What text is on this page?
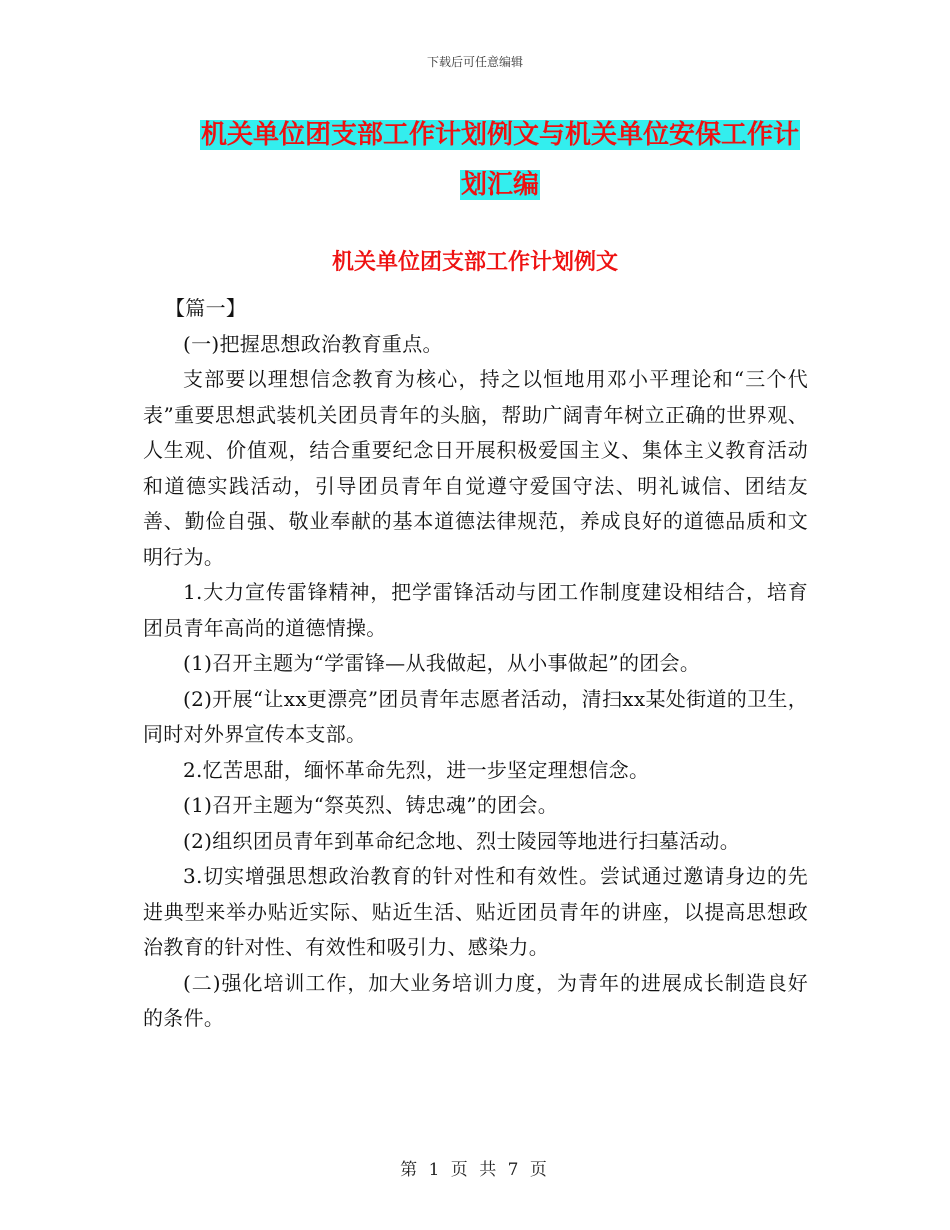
下载后可任意编辑
机关单位团支部工作计划例文与机关单位安保工作计
划汇编
机关单位团支部工作计划例文

【篇一】

(一)把握思想政治教育重点。

支部要以理想信念教育为核心，持之以恒地用邓小平理论和“三个代表”重要思想武装机关团员青年的头脑，帮助广阔青年树立正确的世界观、人生观、价值观，结合重要纪念日开展积极爱国主义、集体主义教育活动和道德实践活动，引导团员青年自觉遵守爱国守法、明礼诚信、团结友善、勤俭自强、敬业奉献的基本道德法律规范，养成良好的道德品质和文明行为。

1.大力宣传雷锋精神，把学雷锋活动与团工作制度建设相结合，培育团员青年高尚的道德情操。

(1)召开主题为“学雷锋—从我做起，从小事做起”的团会。

(2)开展“让xx更漂亮”团员青年志愿者活动，清扫xx某处街道的卫生，同时对外界宣传本支部。

2.忆苦思甜，缅怀革命先烈，进一步坚定理想信念。

(1)召开主题为“祭英烈、铸忠魂”的团会。

(2)组织团员青年到革命纪念地、烈士陵园等地进行扫墓活动。

3.切实增强思想政治教育的针对性和有效性。尝试通过邀请身边的先进典型来举办贴近实际、贴近生活、贴近团员青年的讲座，以提高思想政治教育的针对性、有效性和吸引力、感染力。

(二)强化培训工作，加大业务培训力度，为青年的进展成长制造良好的条件。

第 1 页 共 7 页
